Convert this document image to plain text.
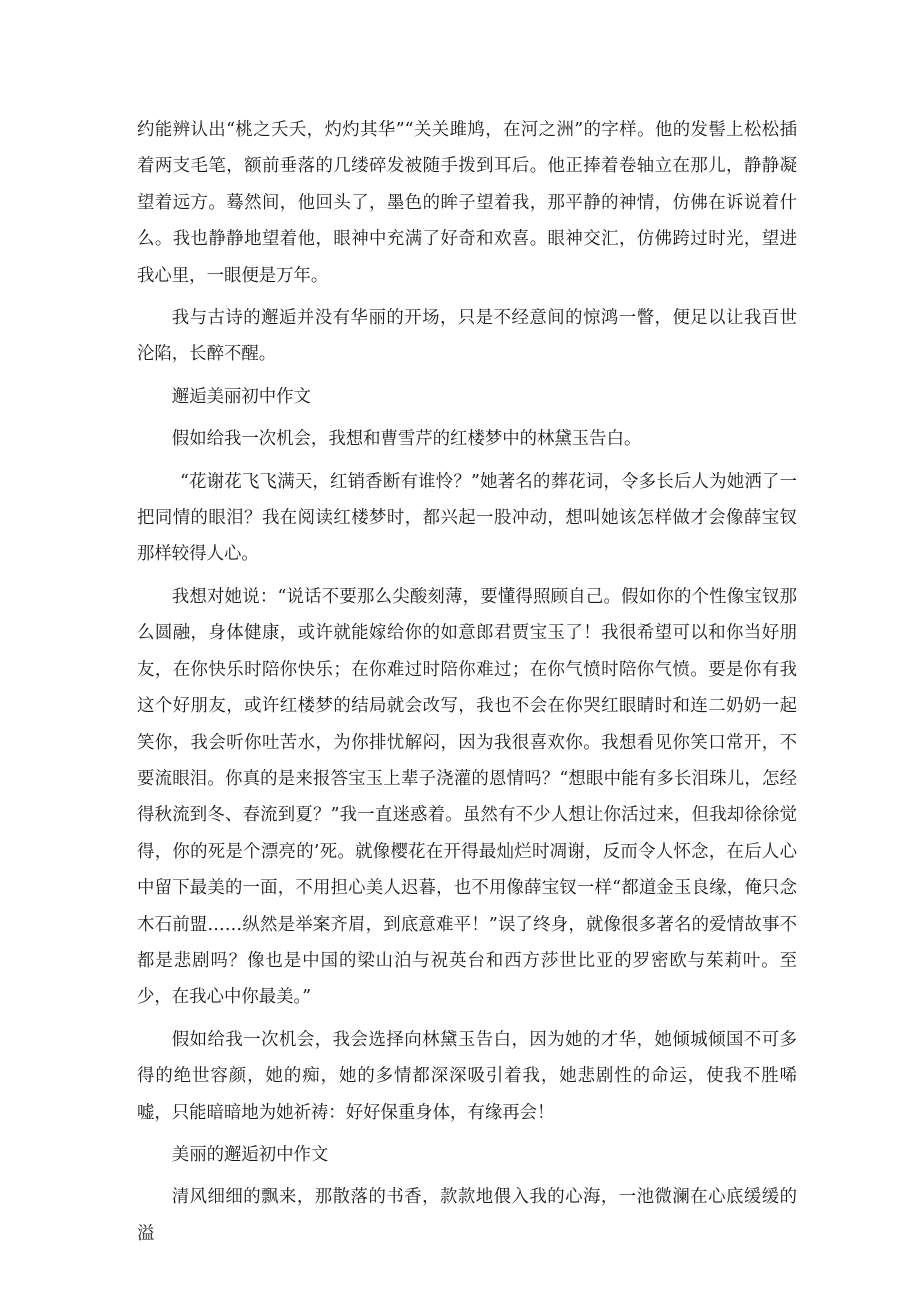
约能辨认出“桃之夭夭，灼灼其华”“关关雎鸠，在河之洲”的字样。他的发髻上松松插着两支毛笔，额前垂落的几缕碎发被随手拨到耳后。他正捧着卷轴立在那儿，静静凝望着远方。蓦然间，他回头了，墨色的眸子望着我，那平静的神情，仿佛在诉说着什么。我也静静地望着他，眼神中充满了好奇和欢喜。眼神交汇，仿佛跨过时光，望进我心里，一眼便是万年。

我与古诗的邂逅并没有华丽的开场，只是不经意间的惊鸿一瞥，便足以让我百世沦陷，长醉不醒。

邂逅美丽初中作文

假如给我一次机会，我想和曹雪芹的红楼梦中的林黛玉告白。

“花谢花飞飞满天，红销香断有谁怜？”她著名的葬花词，令多长后人为她洒了一把同情的眼泪？我在阅读红楼梦时，都兴起一股冲动，想叫她该怎样做才会像薛宝钗那样较得人心。

我想对她说：“说话不要那么尖酸刻薄，要懂得照顾自己。假如你的个性像宝钗那么圆融，身体健康，或许就能嫁给你的如意郎君贾宝玉了！我很希望可以和你当好朋友，在你快乐时陪你快乐；在你难过时陪你难过；在你气愤时陪你气愤。要是你有我这个好朋友，或许红楼梦的结局就会改写，我也不会在你哭红眼睛时和连二奶奶一起笑你，我会听你吐苦水，为你排忧解闷，因为我很喜欢你。我想看见你笑口常开，不要流眼泪。你真的是来报答宝玉上辈子浇灌的恩情吗？“想眼中能有多长泪珠儿，怎经得秋流到冬、春流到夏？”我一直迷惑着。虽然有不少人想让你活过来，但我却徐徐觉得，你的死是个漂亮的’死。就像樱花在开得最灿烂时凋谢，反而令人怀念，在后人心中留下最美的一面，不用担心美人迟暮，也不用像薛宝钗一样“都道金玉良缘，俺只念木石前盟……纵然是举案齐眉，到底意难平！”误了终身，就像很多著名的爱情故事不都是悲剧吗？像也是中国的梁山泊与祝英台和西方莎世比亚的罗密欧与茱莉叶。至少，在我心中你最美。”

假如给我一次机会，我会选择向林黛玉告白，因为她的才华，她倾城倾国不可多得的绝世容颜，她的痴，她的多情都深深吸引着我，她悲剧性的命运，使我不胜唏嘘，只能暗暗地为她祈祷：好好保重身体，有缘再会！

美丽的邂逅初中作文

清风细细的飘来，那散落的书香，款款地偎入我的心海，一池微澜在心底缓缓的溢
